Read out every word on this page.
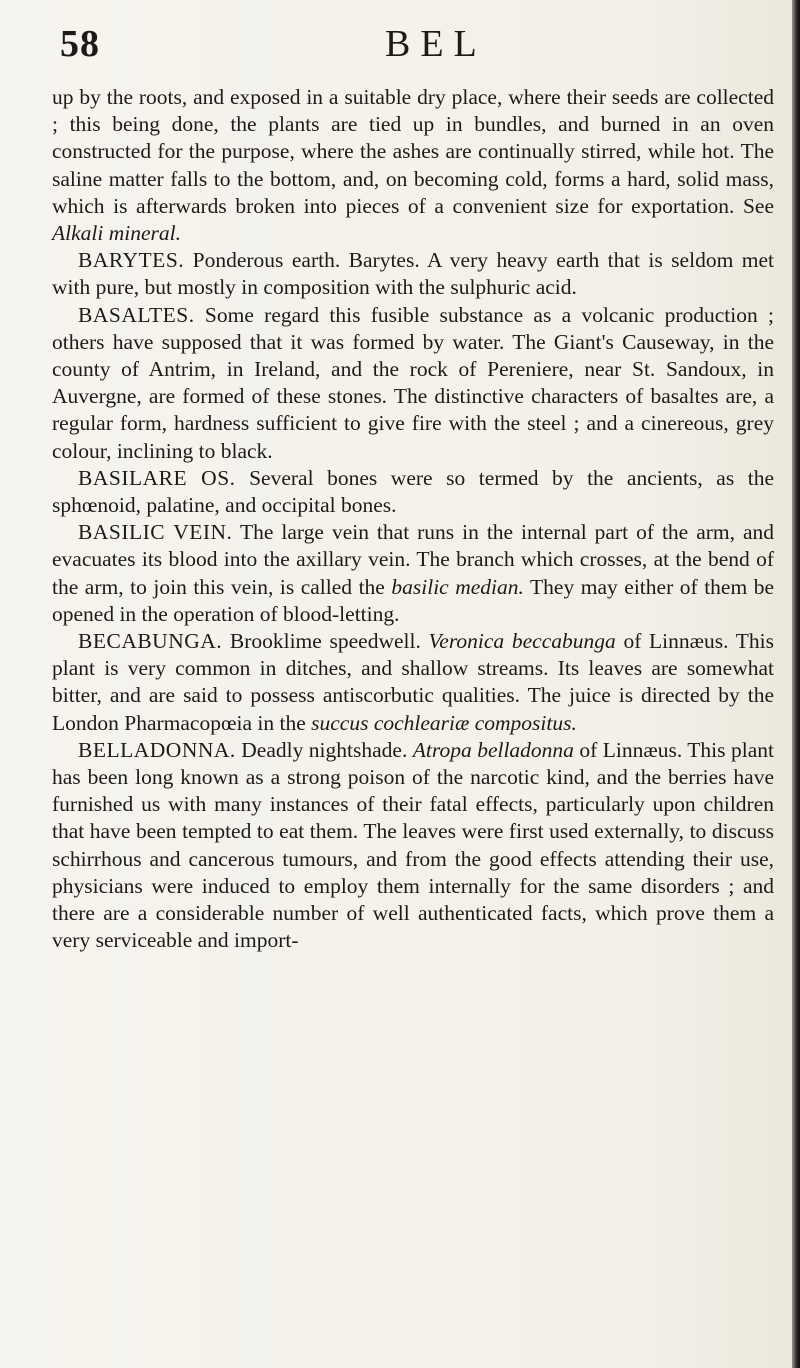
58	BEL

up by the roots, and exposed in a suitable dry place, where their seeds are collected ; this being done, the plants are tied up in bundles, and burned in an oven constructed for the purpose, where the ashes are continually stirred, while hot. The saline matter falls to the bottom, and, on becoming cold, forms a hard, solid mass, which is afterwards broken into pieces of a convenient size for exportation. See Alkali mineral.

BARYTES. Ponderous earth. Barytes. A very heavy earth that is seldom met with pure, but mostly in composition with the sulphuric acid.

BASALTES. Some regard this fusible substance as a volcanic production ; others have supposed that it was formed by water. The Giant's Causeway, in the county of Antrim, in Ireland, and the rock of Pereniere, near St. Sandoux, in Auvergne, are formed of these stones. The distinctive characters of basaltes are, a regular form, hardness sufficient to give fire with the steel ; and a cinereous, grey colour, inclining to black.

BASILARE OS. Several bones were so termed by the ancients, as the sphœnoid, palatine, and occipital bones.

BASILIC VEIN. The large vein that runs in the internal part of the arm, and evacuates its blood into the axillary vein. The branch which crosses, at the bend of the arm, to join this vein, is called the basilic median. They may either of them be opened in the operation of blood-letting.

BECABUNGA. Brooklime speedwell. Veronica beccabunga of Linnæus. This plant is very common in ditches, and shallow streams. Its leaves are somewhat bitter, and are said to possess antiscorbutic qualities. The juice is directed by the London Pharmacopœia in the succus cochleariæ compositus.

BELLADONNA. Deadly nightshade. Atropa belladonna of Linnæus. This plant has been long known as a strong poison of the narcotic kind, and the berries have furnished us with many instances of their fatal effects, particularly upon children that have been tempted to eat them. The leaves were first used externally, to discuss schirrhous and cancerous tumours, and from the good effects attending their use, physicians were induced to employ them internally for the same disorders ; and there are a considerable number of well authenticated facts, which prove them a very serviceable and import-
